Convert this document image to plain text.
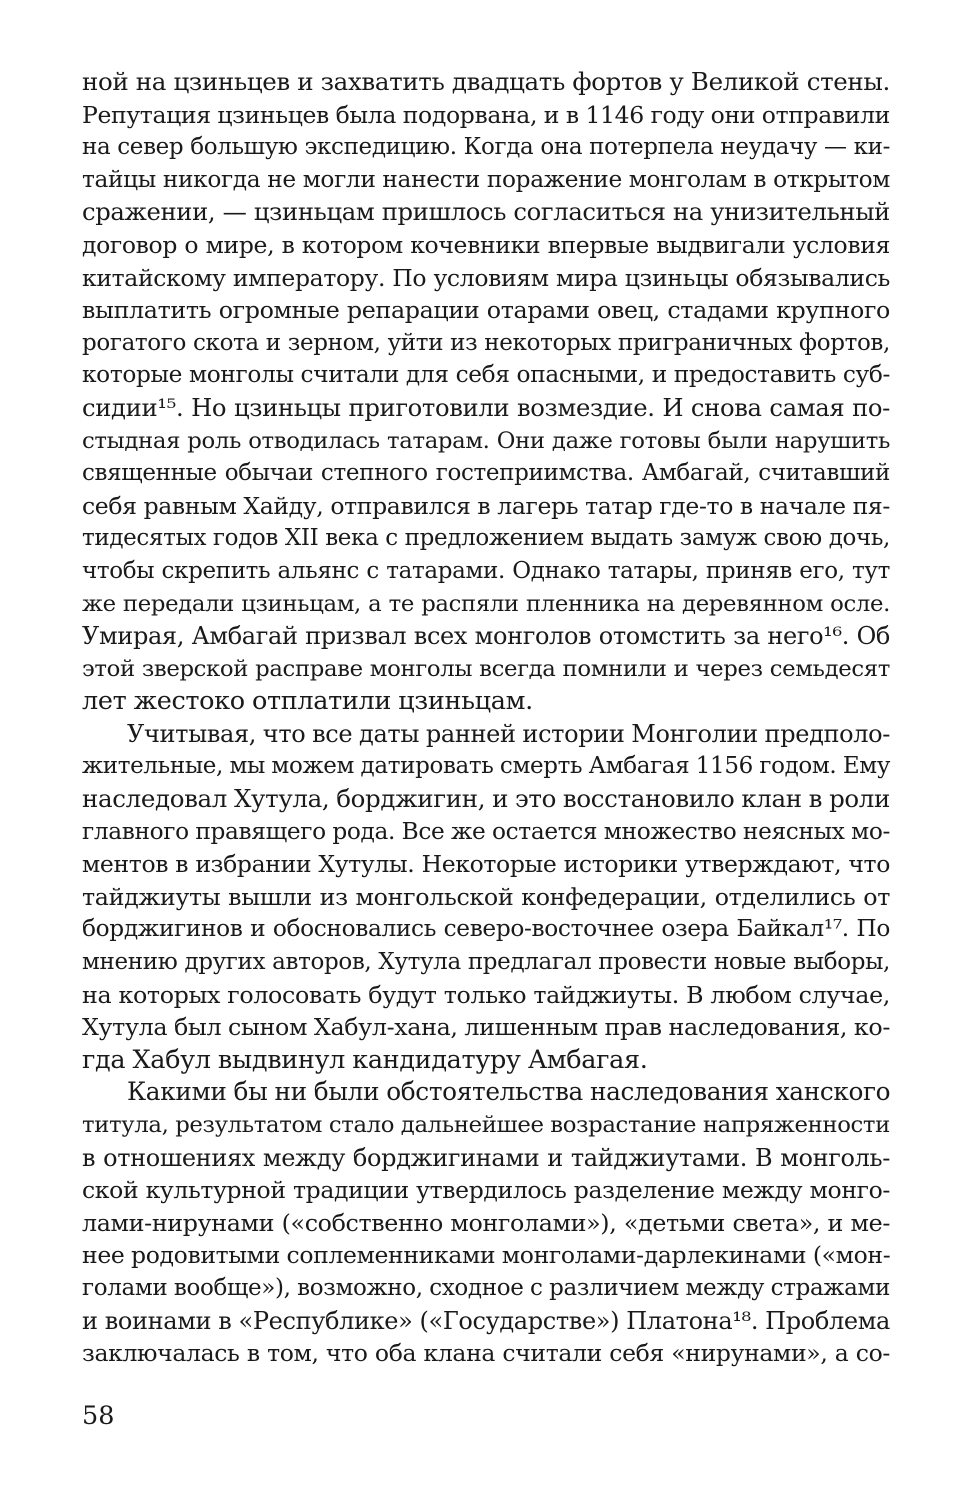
ной на цзиньцев и захватить двадцать фортов у Великой стены.
Репутация цзиньцев была подорвана, и в 1146 году они отправили
на север большую экспедицию. Когда она потерпела неудачу — ки-
тайцы никогда не могли нанести поражение монголам в открытом
сражении, — цзиньцам пришлось согласиться на унизительный
договор о мире, в котором кочевники впервые выдвигали условия
китайскому императору. По условиям мира цзиньцы обязывались
выплатить огромные репарации отарами овец, стадами крупного
рогатого скота и зерном, уйти из некоторых приграничных фортов,
которые монголы считали для себя опасными, и предоставить суб-
сидии¹⁵. Но цзиньцы приготовили возмездие. И снова самая по-
стыдная роль отводилась татарам. Они даже готовы были нарушить
священные обычаи степного гостеприимства. Амбагай, считавший
себя равным Хайду, отправился в лагерь татар где-то в начале пя-
тидесятых годов XII века с предложением выдать замуж свою дочь,
чтобы скрепить альянс с татарами. Однако татары, приняв его, тут
же передали цзиньцам, а те распяли пленника на деревянном осле.
Умирая, Амбагай призвал всех монголов отомстить за него¹⁶. Об
этой зверской расправе монголы всегда помнили и через семьдесят
лет жестоко отплатили цзиньцам.
Учитывая, что все даты ранней истории Монголии предполо-
жительные, мы можем датировать смерть Амбагая 1156 годом. Ему
наследовал Хутула, борджигин, и это восстановило клан в роли
главного правящего рода. Все же остается множество неясных мо-
ментов в избрании Хутулы. Некоторые историки утверждают, что
тайджиуты вышли из монгольской конфедерации, отделились от
борджигинов и обосновались северо-восточнее озера Байкал¹⁷. По
мнению других авторов, Хутула предлагал провести новые выборы,
на которых голосовать будут только тайджиуты. В любом случае,
Хутула был сыном Хабул-хана, лишенным прав наследования, ко-
гда Хабул выдвинул кандидатуру Амбагая.
Какими бы ни были обстоятельства наследования ханского
титула, результатом стало дальнейшее возрастание напряженности
в отношениях между борджигинами и тайджиутами. В монголь-
ской культурной традиции утвердилось разделение между монго-
лами-нирунами («собственно монголами»), «детьми света», и ме-
нее родовитыми соплеменниками монголами-дарлекинами («мон-
голами вообще»), возможно, сходное с различием между стражами
и воинами в «Республике» («Государстве») Платона¹⁸. Проблема
заключалась в том, что оба клана считали себя «нирунами», а со-
58
